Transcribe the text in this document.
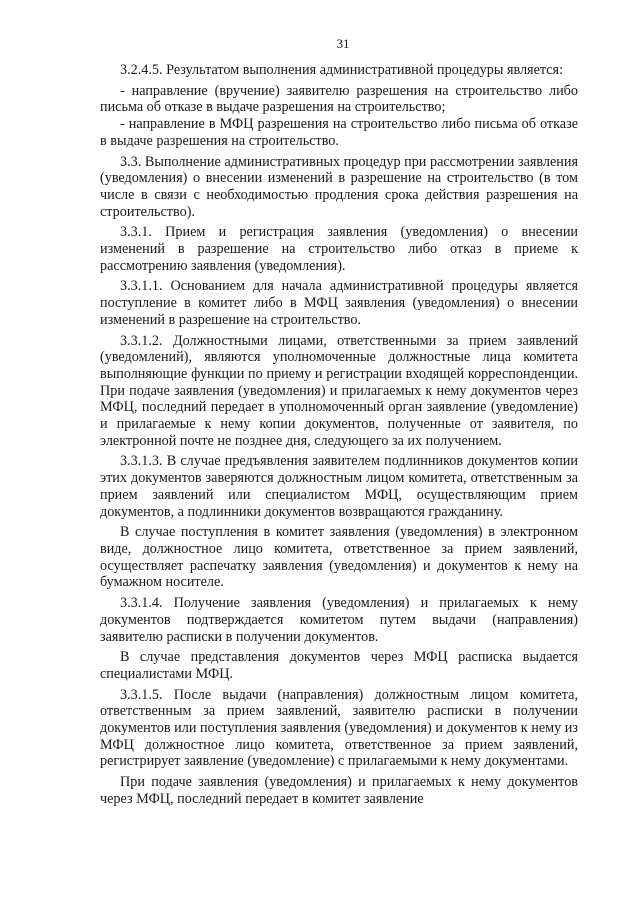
31

3.2.4.5. Результатом выполнения административной процедуры является:

- направление (вручение) заявителю разрешения на строительство либо письма об отказе в выдаче разрешения на строительство;

- направление в МФЦ разрешения на строительство либо письма об отказе в выдаче разрешения на строительство.

3.3. Выполнение административных процедур при рассмотрении заявления (уведомления) о внесении изменений в разрешение на строительство (в том числе в связи с необходимостью продления срока действия разрешения на строительство).

3.3.1. Прием и регистрация заявления (уведомления) о внесении изменений в разрешение на строительство либо отказ в приеме к рассмотрению заявления (уведомления).

3.3.1.1. Основанием для начала административной процедуры является поступление в комитет либо в МФЦ заявления (уведомления) о внесении изменений в разрешение на строительство.

3.3.1.2. Должностными лицами, ответственными за прием заявлений (уведомлений), являются уполномоченные должностные лица комитета выполняющие функции по приему и регистрации входящей корреспонденции. При подаче заявления (уведомления) и прилагаемых к нему документов через МФЦ, последний передает в уполномоченный орган заявление (уведомление) и прилагаемые к нему копии документов, полученные от заявителя, по электронной почте не позднее дня, следующего за их получением.

3.3.1.3. В случае предъявления заявителем подлинников документов копии этих документов заверяются должностным лицом комитета, ответственным за прием заявлений или специалистом МФЦ, осуществляющим прием документов, а подлинники документов возвращаются гражданину.

В случае поступления в комитет заявления (уведомления) в электронном виде, должностное лицо комитета, ответственное за прием заявлений, осуществляет распечатку заявления (уведомления) и документов к нему на бумажном носителе.

3.3.1.4. Получение заявления (уведомления) и прилагаемых к нему документов подтверждается комитетом путем выдачи (направления) заявителю расписки в получении документов.

В случае представления документов через МФЦ расписка выдается специалистами МФЦ.

3.3.1.5. После выдачи (направления) должностным лицом комитета, ответственным за прием заявлений, заявителю расписки в получении документов или поступления заявления (уведомления) и документов к нему из МФЦ должностное лицо комитета, ответственное за прием заявлений, регистрирует заявление (уведомление) с прилагаемыми к нему документами.

При подаче заявления (уведомления) и прилагаемых к нему документов через МФЦ, последний передает в комитет заявление
